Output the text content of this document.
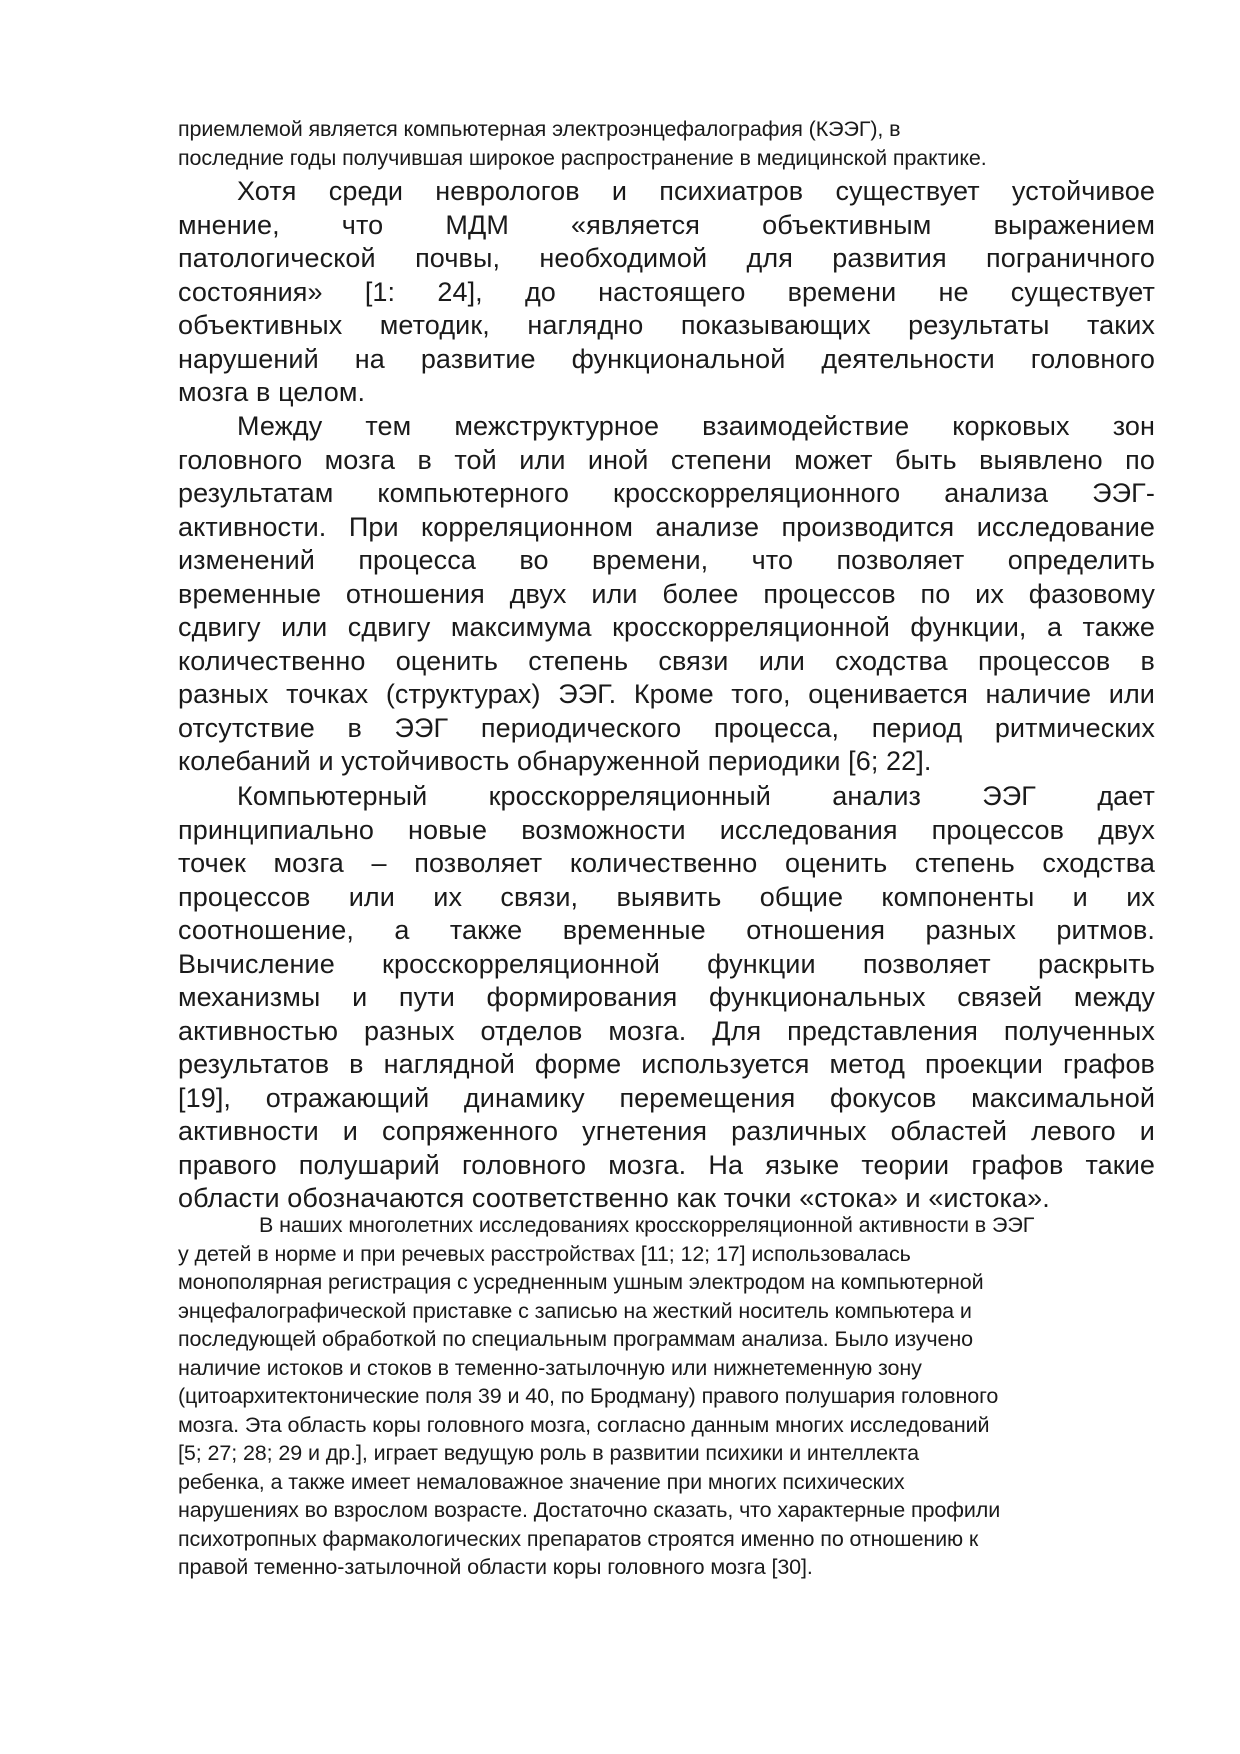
приемлемой является компьютерная электроэнцефалография (КЭЭГ), в
последние годы получившая широкое распространение в медицинской практике.
Хотя среди неврологов и психиатров существует устойчивое
мнение, что МДМ «является объективным выражением
патологической почвы, необходимой для развития пограничного
состояния» [1: 24], до настоящего времени не существует
объективных методик, наглядно показывающих результаты таких
нарушений на развитие функциональной деятельности головного
мозга в целом.
Между тем межструктурное взаимодействие корковых зон
головного мозга в той или иной степени может быть выявлено по
результатам компьютерного кросскорреляционного анализа ЭЭГ-
активности. При корреляционном анализе производится исследование
изменений процесса во времени, что позволяет определить
временные отношения двух или более процессов по их фазовому
сдвигу или сдвигу максимума кросскорреляционной функции, а также
количественно оценить степень связи или сходства процессов в
разных точках (структурах) ЭЭГ. Кроме того, оценивается наличие или
отсутствие в ЭЭГ периодического процесса, период ритмических
колебаний и устойчивость обнаруженной периодики [6; 22].
Компьютерный кросскорреляционный анализ ЭЭГ дает
принципиально новые возможности исследования процессов двух
точек мозга – позволяет количественно оценить степень сходства
процессов или их связи, выявить общие компоненты и их
соотношение, а также временные отношения разных ритмов.
Вычисление кросскорреляционной функции позволяет раскрыть
механизмы и пути формирования функциональных связей между
активностью разных отделов мозга. Для представления полученных
результатов в наглядной форме используется метод проекции графов
[19], отражающий динамику перемещения фокусов максимальной
активности и сопряженного угнетения различных областей левого и
правого полушарий головного мозга. На языке теории графов такие
области обозначаются соответственно как точки «стока» и «истока».
В наших многолетних исследованиях кросскорреляционной активности в ЭЭГ
у детей в норме и при речевых расстройствах [11; 12; 17] использовалась
монополярная регистрация с усредненным ушным электродом на компьютерной
энцефалографической приставке с записью на жесткий носитель компьютера и
последующей обработкой по специальным программам анализа. Было изучено
наличие истоков и стоков в теменно-затылочную или нижнетеменную зону
(цитоархитектонические поля 39 и 40, по Бродману) правого полушария головного
мозга. Эта область коры головного мозга, согласно данным многих исследований
[5; 27; 28; 29 и др.], играет ведущую роль в развитии психики и интеллекта
ребенка, а также имеет немаловажное значение при многих психических
нарушениях во взрослом возрасте. Достаточно сказать, что характерные профили
психотропных фармакологических препаратов строятся именно по отношению к
правой теменно-затылочной области коры головного мозга [30].
